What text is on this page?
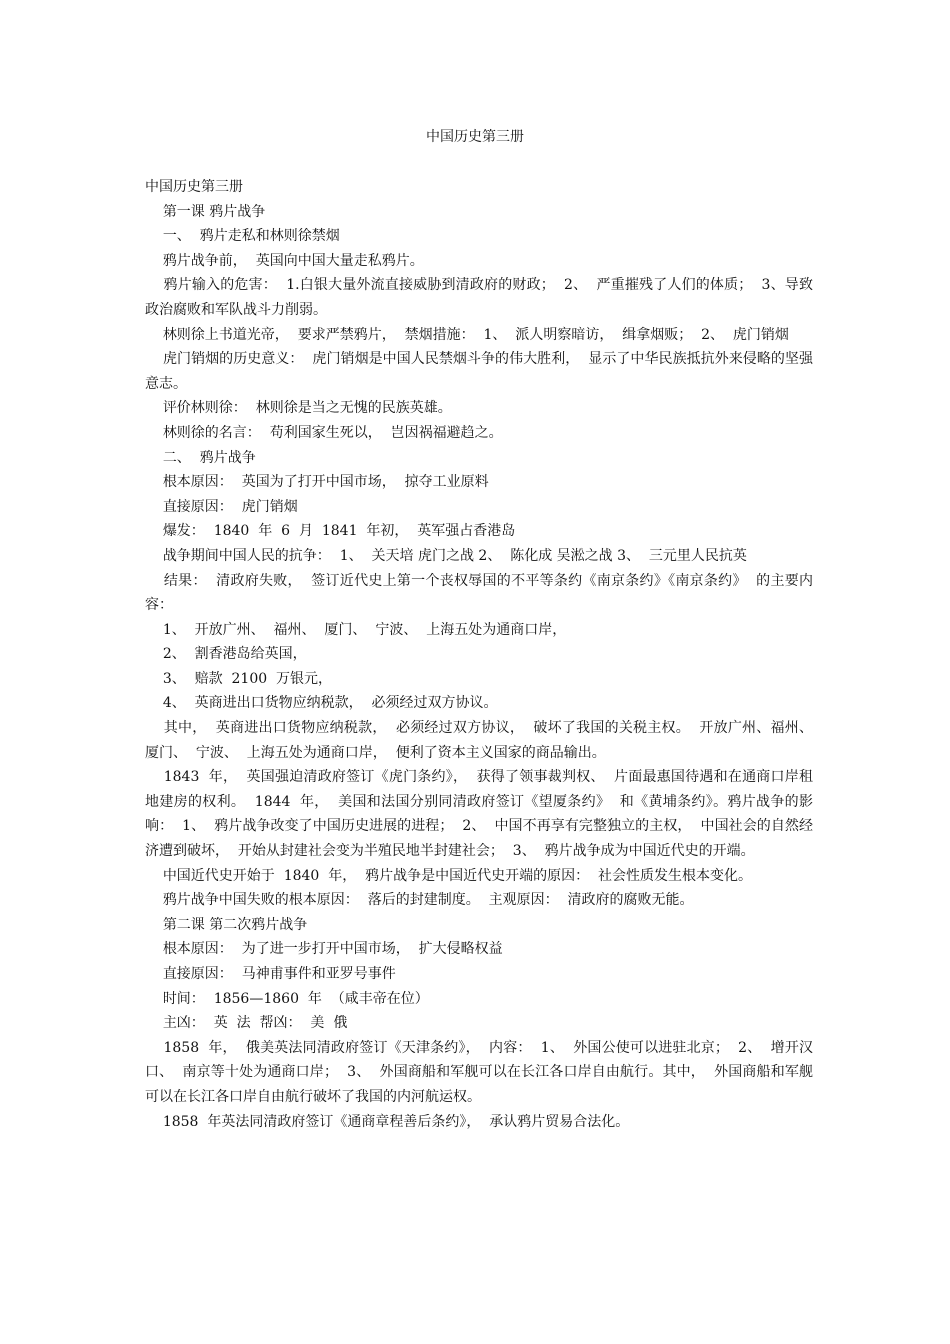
中国历史第三册

中国历史第三册

第一课 鸦片战争

一、  鸦片走私和林则徐禁烟

鸦片战争前，  英国向中国大量走私鸦片。

鸦片输入的危害：  1.白银大量外流直接威胁到清政府的财政；  2、  严重摧残了人们的体质；  3、导致政治腐败和军队战斗力削弱。

林则徐上书道光帝，  要求严禁鸦片，  禁烟措施：  1、  派人明察暗访，  缉拿烟贩；  2、  虎门销烟

虎门销烟的历史意义：  虎门销烟是中国人民禁烟斗争的伟大胜利，  显示了中华民族抵抗外来侵略的坚强意志。

评价林则徐：  林则徐是当之无愧的民族英雄。

林则徐的名言：  苟利国家生死以，  岂因祸福避趋之。

二、  鸦片战争

根本原因：  英国为了打开中国市场，  掠夺工业原料

直接原因：  虎门销烟

爆发：  1840  年  6  月  1841  年初，  英军强占香港岛

战争期间中国人民的抗争：  1、  关天培 虎门之战 2、  陈化成 吴淞之战 3、  三元里人民抗英

结果：  清政府失败，  签订近代史上第一个丧权辱国的不平等条约《南京条约》《南京条约》  的主要内容：

1、  开放广州、  福州、  厦门、  宁波、  上海五处为通商口岸，

2、  割香港岛给英国，

3、  赔款  2100  万银元，

4、  英商进出口货物应纳税款，  必须经过双方协议。

其中，  英商进出口货物应纳税款，  必须经过双方协议，  破坏了我国的关税主权。  开放广州、福州、  厦门、  宁波、  上海五处为通商口岸，  便利了资本主义国家的商品输出。

1843  年，  英国强迫清政府签订《虎门条约》，  获得了领事裁判权、  片面最惠国待遇和在通商口岸租地建房的权利。  1844  年，  美国和法国分别同清政府签订《望厦条约》  和《黄埔条约》。鸦片战争的影响：  1、  鸦片战争改变了中国历史进展的进程；  2、  中国不再享有完整独立的主权，  中国社会的自然经济遭到破坏，  开始从封建社会变为半殖民地半封建社会；  3、  鸦片战争成为中国近代史的开端。

中国近代史开始于  1840  年，  鸦片战争是中国近代史开端的原因：  社会性质发生根本变化。

鸦片战争中国失败的根本原因：  落后的封建制度。  主观原因：  清政府的腐败无能。

第二课 第二次鸦片战争

根本原因：  为了进一步打开中国市场，  扩大侵略权益

直接原因：  马神甫事件和亚罗号事件

时间：  1856—1860  年  （咸丰帝在位）

主凶：  英  法  帮凶：  美  俄

1858  年，  俄美英法同清政府签订《天津条约》，  内容：  1、  外国公使可以进驻北京；  2、  增开汉口、  南京等十处为通商口岸；  3、  外国商船和军舰可以在长江各口岸自由航行。其中，  外国商船和军舰可以在长江各口岸自由航行破坏了我国的内河航运权。

1858  年英法同清政府签订《通商章程善后条约》，  承认鸦片贸易合法化。
